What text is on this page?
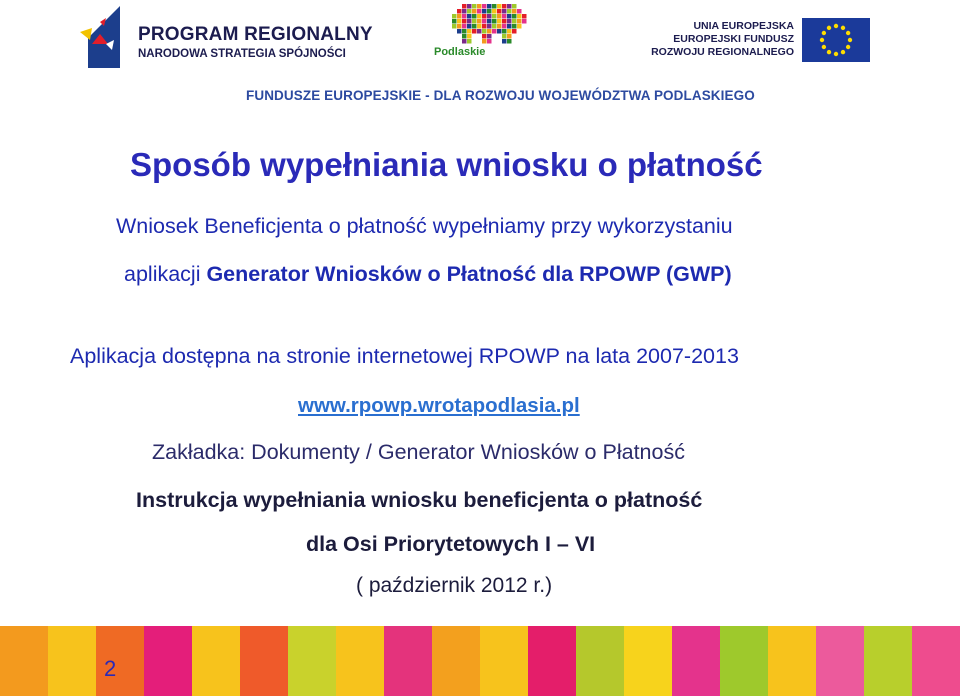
PROGRAM REGIONALNY
NARODOWA STRATEGIA SPÓJNOŚCI	Podlaskie
UNIA EUROPEJSKA
EUROPEJSKI FUNDUSZ
ROZWOJU REGIONALNEGO
FUNDUSZE EUROPEJSKIE - DLA ROZWOJU WOJEWÓDZTWA PODLASKIEGO
Sposób wypełniania wniosku o płatność
Wniosek Beneficjenta o płatność wypełniamy przy wykorzystaniu
aplikacji Generator Wniosków o Płatność dla RPOWP (GWP)
Aplikacja dostępna na stronie internetowej RPOWP na lata 2007-2013
www.rpowp.wrotapodlasia.pl
Zakładka: Dokumenty / Generator Wniosków o Płatność
Instrukcja wypełniania wniosku beneficjenta o płatność
dla Osi Priorytetowych I – VI
( październik 2012 r.)
2
